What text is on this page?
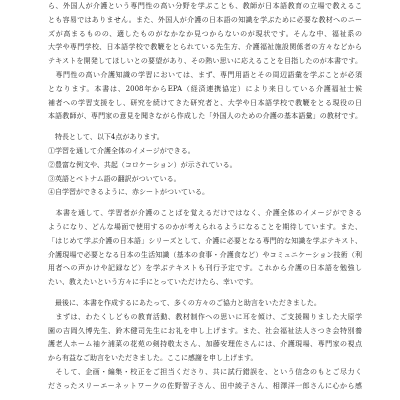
ら、外国人が介護という専門性の高い分野を学ぶことも、教師が日本語教育の立場で教えるこ
とも容易ではありません。また、外国人が介護の日本語の知識を学ぶために必要な教材へのニー
ズが高まるものの、適したものがなかなか見つからないのが現状です。そんな中、福祉系の
大学や専門学校、日本語学校で教鞭をとられている先生方、介護福祉施設関係者の方々などから
テキストを開発してほしいとの要望があり、その熱い思いに応えることを目指したのが本書です。
　専門性の高い介護知識の学習においては、まず、専門用語とその周辺語彙を学ぶことが必須
となります。本書は、2008年からEPA（経済連携協定）により来日している介護福祉士候
補者への学習支援をし、研究を続けてきた研究者と、大学や日本語学校で教鞭をとる現役の日
本語教師が、専門家の意見を聞きながら作成した「外国人のための介護の基本語彙」の教材です。
　特長として、以下4点があります。
①学習を通して介護全体のイメージができる。
②豊富な例文や、共起（コロケーション）が示されている。
③英語とベトナム語の翻訳がついている。
④自学習ができるように、赤シートがついている。
　本書を通して、学習者が介護のことばを覚えるだけではなく、介護全体のイメージができる
ようになり、どんな場面で使用するのかが考えられるようになることを期待しています。また、
「はじめて学ぶ介護の日本語」シリーズとして、介護に必要となる専門的な知識を学ぶテキスト、
介護現場で必要となる日本の生活知識（基本の食事・介護食など）やコミュニケーション技術（利
用者への声かけや記録など）を学ぶテキストも刊行予定です。これから介護の日本語を勉強し
たい、教えたいという方々に手にとっていただけたら、幸いです。
　最後に、本書を作成するにあたって、多くの方々のご協力と助言をいただきました。
　まずは、わたくしどもの教育活動、教材制作への思いに耳を傾け、ご支援賜りました大原学
園の吉岡久博先生、鈴木健司先生にお礼を申し上げます。また、社会福祉法人さつき会特別養
護老人ホーム袖ケ浦菜の花苑の剣持敬太さん、加藤安理佐さんには、介護現場、専門家の視点
から有益なご助言をいただきました。ここに感謝を申し上げます。
　そして、企画・編集・校正をご担当くださり、共に試行錯誤を、という信念のもとご尽力く
ださったスリーエーネットワークの佐野智子さん、田中綾子さん、相澤洋一郎さんに心から感
